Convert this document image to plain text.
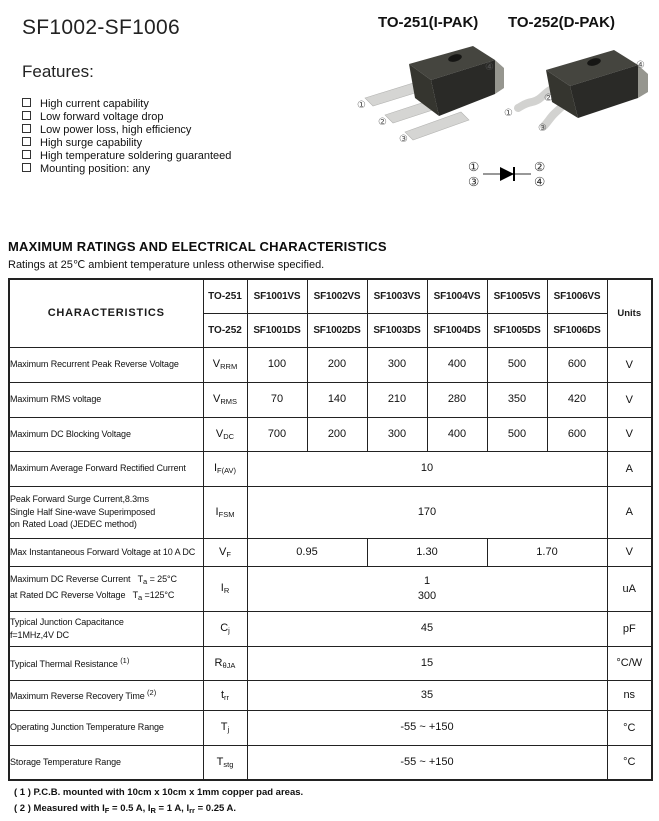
SF1002-SF1006
Features:
High current capability
Low forward voltage drop
Low power loss, high efficiency
High surge capability
High temperature soldering guaranteed
Mounting position: any
TO-251(I-PAK) TO-252(D-PAK)
①
②
③
④
①
②
③
④
①
③
②
④
MAXIMUM RATINGS AND ELECTRICAL CHARACTERISTICS
Ratings at 25℃ ambient temperature unless otherwise specified.
CHARACTERISTICS	TO-251	SF1001VS	SF1002VS	SF1003VS	SF1004VS	SF1005VS	SF1006VS	Units
	TO-252	SF1001DS	SF1002DS	SF1003DS	SF1004DS	SF1005DS	SF1006DS	
Maximum Recurrent Peak Reverse Voltage	$V_{RRM}$	100	200	300	400	500	600	V
Maximum RMS voltage	$V_{RMS}$	70	140	210	280	350	420	V
Maximum DC Blocking Voltage	$V_{DC}$	700	200	300	400	500	600	V
Maximum Average Forward Rectified Current	$I_{F(AV)}$	10						A
Peak Forward Surge Current,8.3ms
Single Half Sine-wave Superimposed
on Rated Load (JEDEC method)	$I_{FSM}$	170						A
Max Instantaneous Forward Voltage at 10 A DC	$V_F$	0.95		1.30		1.70		V
Maximum DC Reverse Current   $T_a = 25^\circ C$
at Rated DC Reverse Voltage   $T_a =125^\circ C$	$I_R$	1
300						uA
Typical Junction Capacitance
f=1MHz,4V DC	$C_j$	45						pF
Typical Thermal Resistance $^{(1)}$	$R_{\theta JA}$	15						°C/W
Maximum Reverse Recovery Time $^{(2)}$	$t_{rr}$	35						ns
Operating Junction Temperature Range	$T_j$	-55 ~ +150						°C
Storage Temperature Range	$T_{stg}$	-55 ~ +150						°C
( 1 ) P.C.B. mounted with 10cm x 10cm x 1mm copper pad areas.
( 2 ) Measured with $I_F = 0.5$ A, $I_R = 1$ A, $I_{rr} = 0.25$ A.
